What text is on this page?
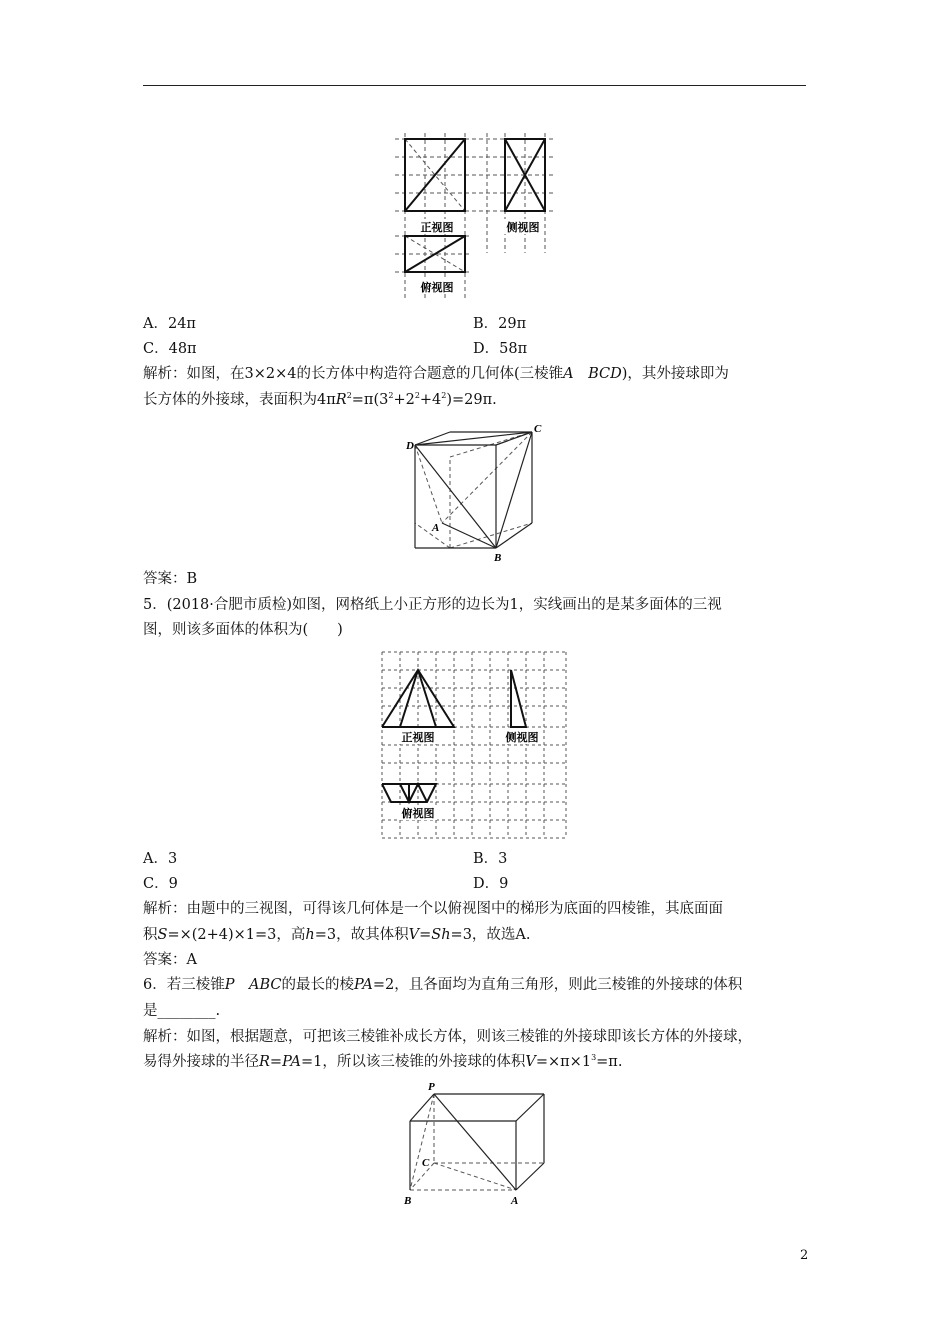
正视图	侧视图
俯视图
A．24π	B．29π
C．48π	D．58π
解析：如图，在3×2×4的长方体中构造符合题意的几何体(三棱锥A　BCD)，其外接球即为
长方体的外接球，表面积为$4\pi R^2=\pi(3^2+2^2+4^2)=29\pi$.
D
C
A
B
答案：B
5．(2018·合肥市质检)如图，网格纸上小正方形的边长为1，实线画出的是某多面体的三视
图，则该多面体的体积为(　　)
正视图	侧视图
俯视图
A．3	B．3
C．9	D．9
解析：由题中的三视图，可得该几何体是一个以俯视图中的梯形为底面的四棱锥，其底面面
积S=×(2+4)×1=3，高h=3，故其体积V=Sh=3，故选A.
答案：A
6．若三棱锥P　ABC的最长的棱PA=2，且各面均为直角三角形，则此三棱锥的外接球的体积
是________.
解析：如图，根据题意，可把该三棱锥补成长方体，则该三棱锥的外接球即该长方体的外接球，
易得外接球的半径R=PA=1，所以该三棱锥的外接球的体积$V=\times\pi\times 1^3=\pi$.
P
C
B	A
2
